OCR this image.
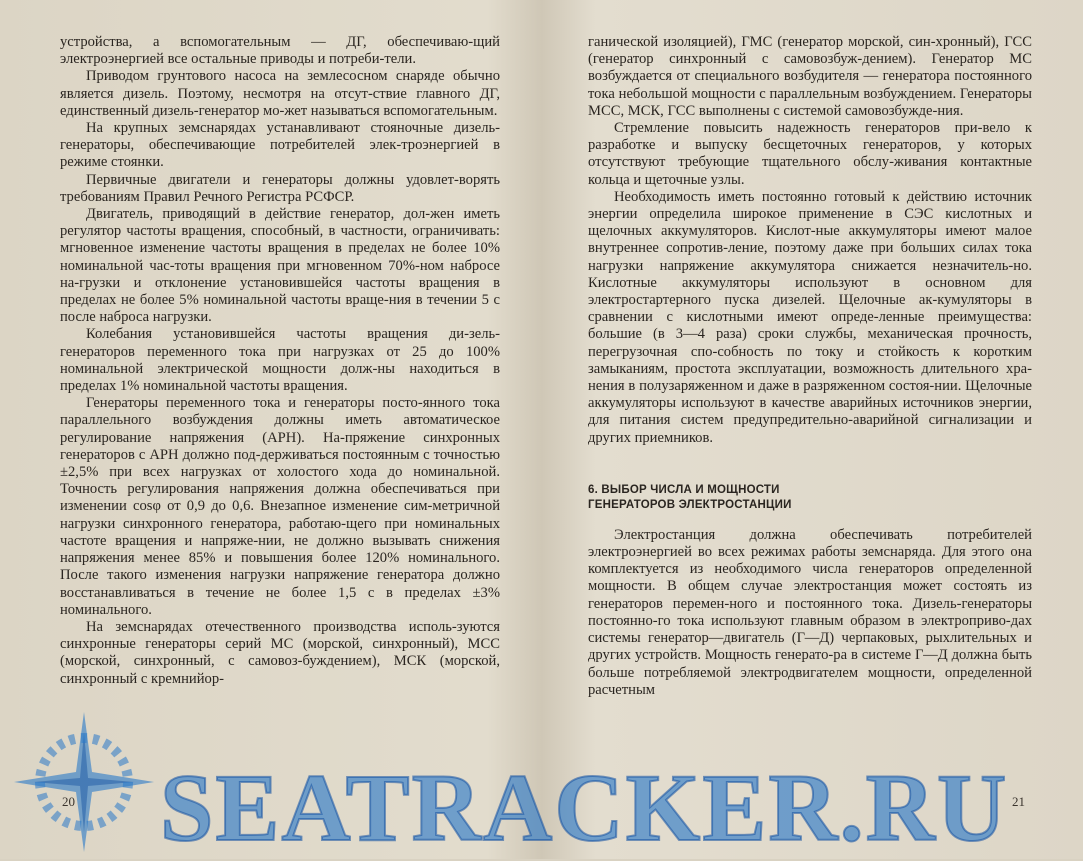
устройства, а вспомогательным — ДГ, обеспечиваю-щий электроэнергией все остальные приводы и потреби-тели.

Приводом грунтового насоса на землесосном снаряде обычно является дизель. Поэтому, несмотря на отсут-ствие главного ДГ, единственный дизель-генератор мо-жет называться вспомогательным.

На крупных земснарядах устанавливают стояночные дизель-генераторы, обеспечивающие потребителей элек-троэнергией в режиме стоянки.

Первичные двигатели и генераторы должны удовлет-ворять требованиям Правил Речного Регистра РСФСР.

Двигатель, приводящий в действие генератор, дол-жен иметь регулятор частоты вращения, способный, в частности, ограничивать: мгновенное изменение частоты вращения в пределах не более 10% номинальной час-тоты вращения при мгновенном 70%-ном набросе на-грузки и отклонение установившейся частоты вращения в пределах не более 5% номинальной частоты враще-ния в течении 5 с после наброса нагрузки.

Колебания установившейся частоты вращения ди-зель-генераторов переменного тока при нагрузках от 25 до 100% номинальной электрической мощности долж-ны находиться в пределах 1% номинальной частоты вращения.

Генераторы переменного тока и генераторы посто-янного тока параллельного возбуждения должны иметь автоматическое регулирование напряжения (АРН). На-пряжение синхронных генераторов с АРН должно под-держиваться постоянным с точностью ±2,5% при всех нагрузках от холостого хода до номинальной. Точность регулирования напряжения должна обеспечиваться при изменении cosφ от 0,9 до 0,6. Внезапное изменение сим-метричной нагрузки синхронного генератора, работаю-щего при номинальных частоте вращения и напряже-нии, не должно вызывать снижения напряжения менее 85% и повышения более 120% номинального. После такого изменения нагрузки напряжение генератора должно восстанавливаться в течение не более 1,5 с в пределах ±3% номинального.

На земснарядах отечественного производства исполь-зуются синхронные генераторы серий МС (морской, синхронный), МСС (морской, синхронный, с самовоз-буждением), МСК (морской, синхронный с кремнийор-

ганической изоляцией), ГМС (генератор морской, син-хронный), ГСС (генератор синхронный с самовозбуж-дением). Генератор МС возбуждается от специального возбудителя — генератора постоянного тока небольшой мощности с параллельным возбуждением. Генераторы МСС, МСК, ГСС выполнены с системой самовозбужде-ния.

Стремление повысить надежность генераторов при-вело к разработке и выпуску бесщеточных генераторов, у которых отсутствуют требующие тщательного обслу-живания контактные кольца и щеточные узлы.

Необходимость иметь постоянно готовый к действию источник энергии определила широкое применение в СЭС кислотных и щелочных аккумуляторов. Кислот-ные аккумуляторы имеют малое внутреннее сопротив-ление, поэтому даже при больших силах тока нагрузки напряжение аккумулятора снижается незначитель-но. Кислотные аккумуляторы используют в основном для электростартерного пуска дизелей. Щелочные ак-кумуляторы в сравнении с кислотными имеют опреде-ленные преимущества: большие (в 3—4 раза) сроки службы, механическая прочность, перегрузочная спо-собность по току и стойкость к коротким замыканиям, простота эксплуатации, возможность длительного хра-нения в полузаряженном и даже в разряженном состоя-нии. Щелочные аккумуляторы используют в качестве аварийных источников энергии, для питания систем предупредительно-аварийной сигнализации и других приемников.

6. ВЫБОР ЧИСЛА И МОЩНОСТИ
ГЕНЕРАТОРОВ ЭЛЕКТРОСТАНЦИИ

Электростанция должна обеспечивать потребителей электроэнергией во всех режимах работы земснаряда. Для этого она комплектуется из необходимого числа генераторов определенной мощности. В общем случае электростанция может состоять из генераторов перемен-ного и постоянного тока. Дизель-генераторы постоянно-го тока используют главным образом в электроприво-дах системы генератор—двигатель (Г—Д) черпаковых, рыхлительных и других устройств. Мощность генерато-ра в системе Г—Д должна быть больше потребляемой электродвигателем мощности, определенной расчетным

20	21
SEATRACKER.RU
